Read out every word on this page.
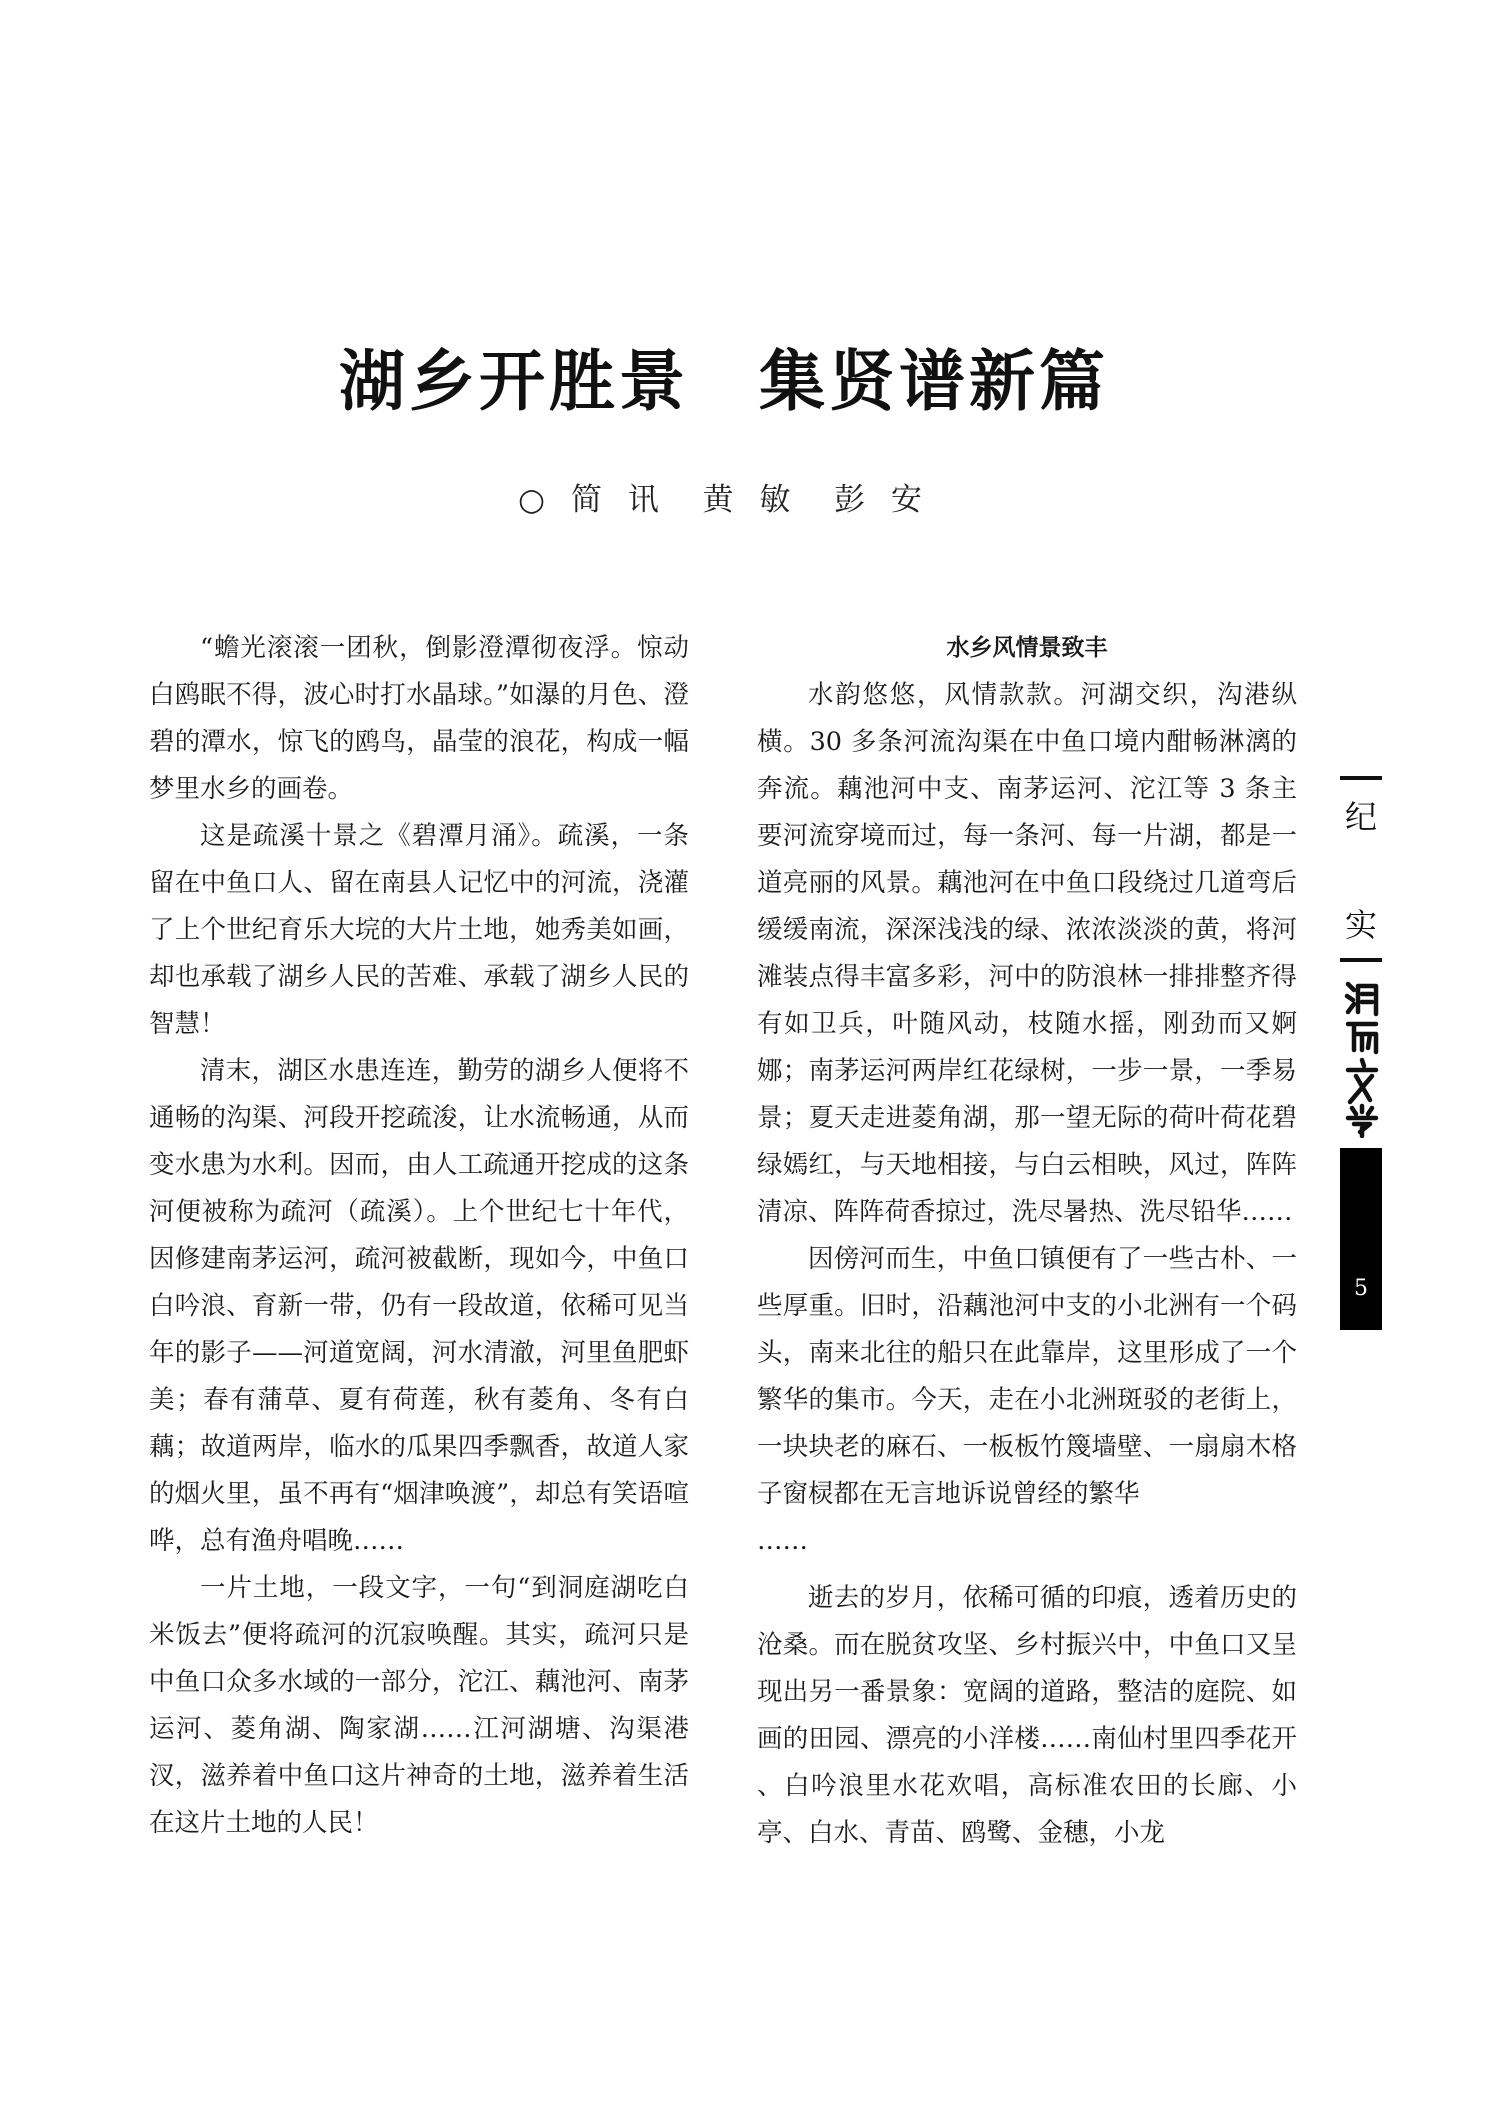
湖乡开胜景　集贤谱新篇
○ 简 讯  黄 敏  彭 安

“蟾光滚滚一团秋，倒影澄潭彻夜浮。惊动白鸥眠不得，波心时打水晶球。”如瀑的月色、澄碧的潭水，惊飞的鸥鸟，晶莹的浪花，构成一幅梦里水乡的画卷。

这是疏溪十景之《碧潭月涌》。疏溪，一条留在中鱼口人、留在南县人记忆中的河流，浇灌了上个世纪育乐大垸的大片土地，她秀美如画，却也承载了湖乡人民的苦难、承载了湖乡人民的智慧！

清末，湖区水患连连，勤劳的湖乡人便将不通畅的沟渠、河段开挖疏浚，让水流畅通，从而变水患为水利。因而，由人工疏通开挖成的这条河便被称为疏河（疏溪）。上个世纪七十年代，因修建南茅运河，疏河被截断，现如今，中鱼口白吟浪、育新一带，仍有一段故道，依稀可见当年的影子——河道宽阔，河水清澈，河里鱼肥虾美；春有蒲草、夏有荷莲，秋有菱角、冬有白藕；故道两岸，临水的瓜果四季飘香，故道人家的烟火里，虽不再有“烟津唤渡”，却总有笑语喧哗，总有渔舟唱晚……

一片土地，一段文字，一句“到洞庭湖吃白米饭去”便将疏河的沉寂唤醒。其实，疏河只是中鱼口众多水域的一部分，沱江、藕池河、南茅运河、菱角湖、陶家湖……江河湖塘、沟渠港汊，滋养着中鱼口这片神奇的土地，滋养着生活在这片土地的人民！

水乡风情景致丰

水韵悠悠，风情款款。河湖交织，沟港纵横。30 多条河流沟渠在中鱼口境内酣畅淋漓的奔流。藕池河中支、南茅运河、沱江等 3 条主要河流穿境而过，每一条河、每一片湖，都是一道亮丽的风景。藕池河在中鱼口段绕过几道弯后缓缓南流，深深浅浅的绿、浓浓淡淡的黄，将河滩装点得丰富多彩，河中的防浪林一排排整齐得有如卫兵，叶随风动，枝随水摇，刚劲而又婀娜；南茅运河两岸红花绿树，一步一景，一季易景；夏天走进菱角湖，那一望无际的荷叶荷花碧绿嫣红，与天地相接，与白云相映，风过，阵阵清凉、阵阵荷香掠过，洗尽暑热、洗尽铅华……

因傍河而生，中鱼口镇便有了一些古朴、一些厚重。旧时，沿藕池河中支的小北洲有一个码头，南来北往的船只在此靠岸，这里形成了一个繁华的集市。今天，走在小北洲斑驳的老街上，一块块老的麻石、一板板竹篾墙壁、一扇扇木格子窗棂都在无言地诉说曾经的繁华

……

逝去的岁月，依稀可循的印痕，透着历史的沧桑。而在脱贫攻坚、乡村振兴中，中鱼口又呈现出另一番景象：宽阔的道路，整洁的庭院、如画的田园、漂亮的小洋楼……南仙村里四季花开 、白吟浪里水花欢唱，高标准农田的长廊、小亭、白水、青苗、鸥鹭、金穗，小龙

纪
实
5
